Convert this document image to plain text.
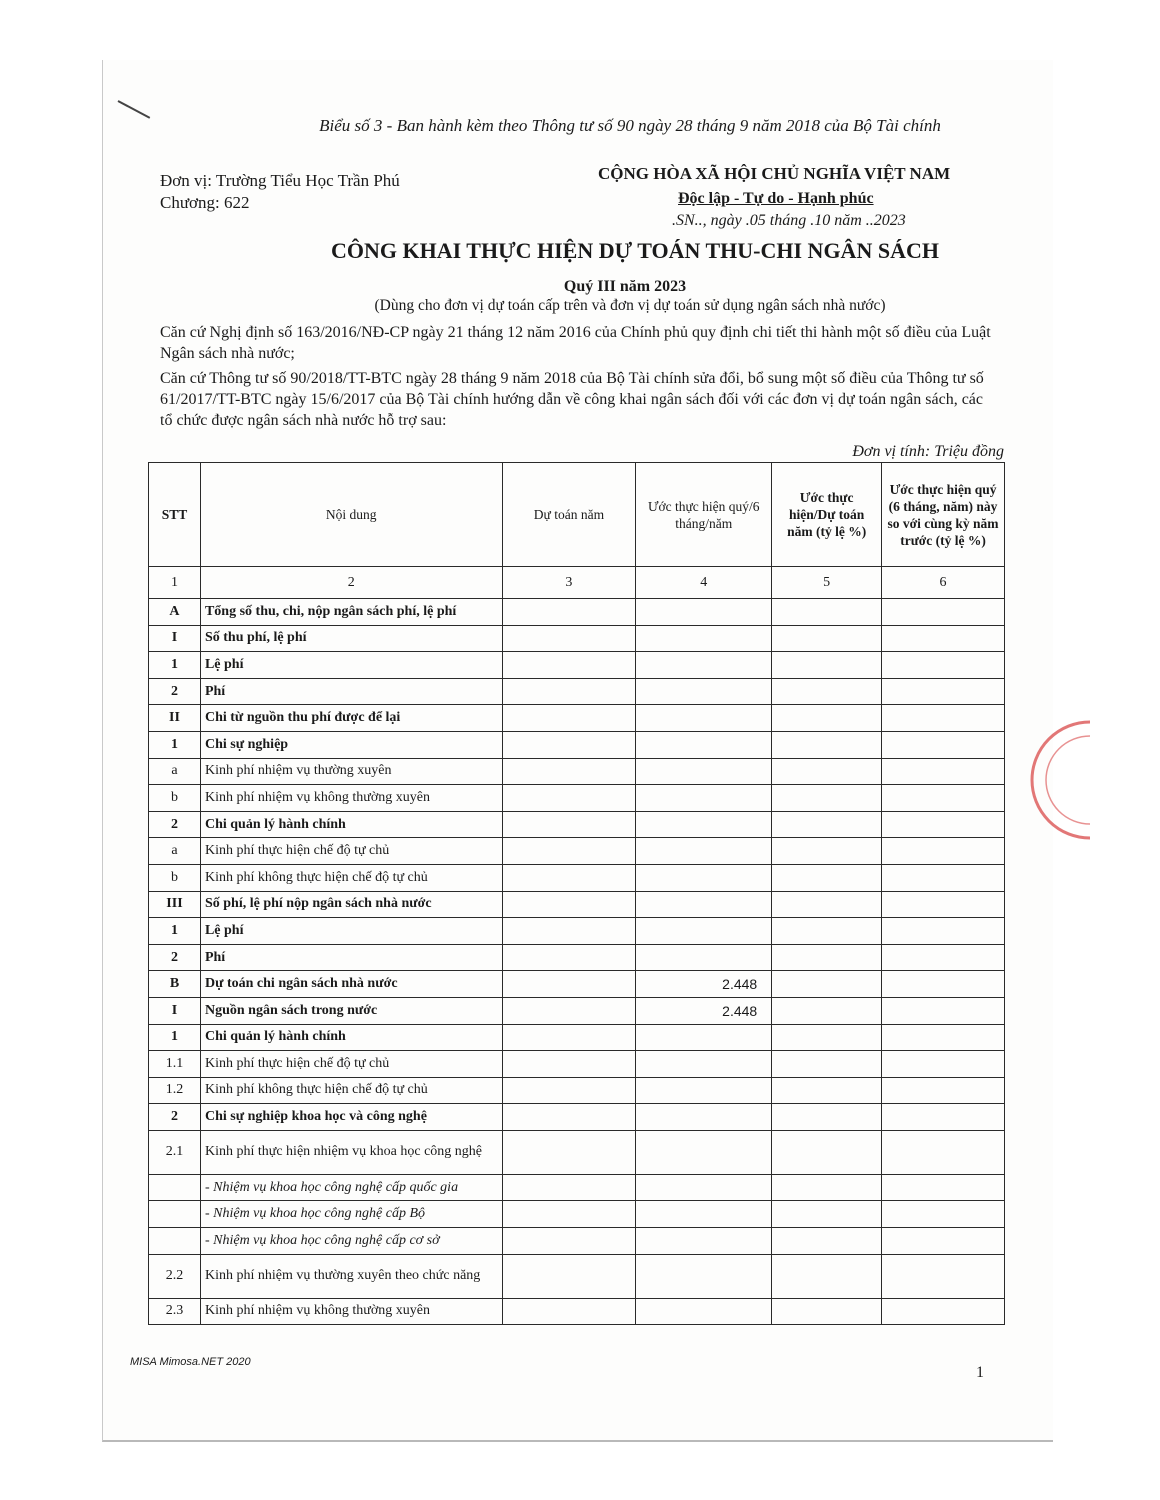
Biểu số 3 - Ban hành kèm theo Thông tư số 90 ngày 28 tháng 9 năm 2018 của Bộ Tài chính
Đơn vị: Trường Tiểu Học Trần Phú
Chương: 622
CỘNG HÒA XÃ HỘI CHỦ NGHĨA VIỆT NAM
Độc lập - Tự do - Hạnh phúc
.SN.., ngày .05 tháng .10 năm ..2023
CÔNG KHAI THỰC HIỆN DỰ TOÁN THU-CHI NGÂN SÁCH
Quý III năm 2023
(Dùng cho đơn vị dự toán cấp trên và đơn vị dự toán sử dụng ngân sách nhà nước)
Căn cứ Nghị định số 163/2016/NĐ-CP ngày 21 tháng 12 năm 2016 của Chính phủ quy định chi tiết thi hành một số điều của Luật Ngân sách nhà nước;
Căn cứ Thông tư số 90/2018/TT-BTC ngày 28 tháng 9 năm 2018 của Bộ Tài chính sửa đổi, bổ sung một số điều của Thông tư số 61/2017/TT-BTC ngày 15/6/2017 của Bộ Tài chính hướng dẫn về công khai ngân sách đối với các đơn vị dự toán ngân sách, các tổ chức được ngân sách nhà nước hỗ trợ sau:
Đơn vị tính: Triệu đồng
STT	Nội dung	Dự toán năm	Ước thực hiện quý/6 tháng/năm	Ước thực hiện/Dự toán năm (tỷ lệ %)	Ước thực hiện quý (6 tháng, năm) này so với cùng kỳ năm trước (tỷ lệ %)
1	2	3	4	5	6
A	Tổng số thu, chi, nộp ngân sách phí, lệ phí				
I	Số thu phí, lệ phí				
1	Lệ phí				
2	Phí				
II	Chi từ nguồn thu phí được để lại				
1	Chi sự nghiệp				
a	Kinh phí nhiệm vụ thường xuyên				
b	Kinh phí nhiệm vụ không thường xuyên				
2	Chi quản lý hành chính				
a	Kinh phí thực hiện chế độ tự chủ				
b	Kinh phí không thực hiện chế độ tự chủ				
III	Số phí, lệ phí nộp ngân sách nhà nước				
1	Lệ phí				
2	Phí				
B	Dự toán chi ngân sách nhà nước		2.448		
I	Nguồn ngân sách trong nước		2.448		
1	Chi quản lý hành chính				
1.1	Kinh phí thực hiện chế độ tự chủ				
1.2	Kinh phí không thực hiện chế độ tự chủ				
2	Chi sự nghiệp khoa học và công nghệ				
2.1	Kinh phí thực hiện nhiệm vụ khoa học công nghệ				
	- Nhiệm vụ khoa học công nghệ cấp quốc gia				
	- Nhiệm vụ khoa học công nghệ cấp Bộ				
	- Nhiệm vụ khoa học công nghệ cấp cơ sở				
2.2	Kinh phí nhiệm vụ thường xuyên theo chức năng				
2.3	Kinh phí nhiệm vụ không thường xuyên				
MISA Mimosa.NET 2020
1
